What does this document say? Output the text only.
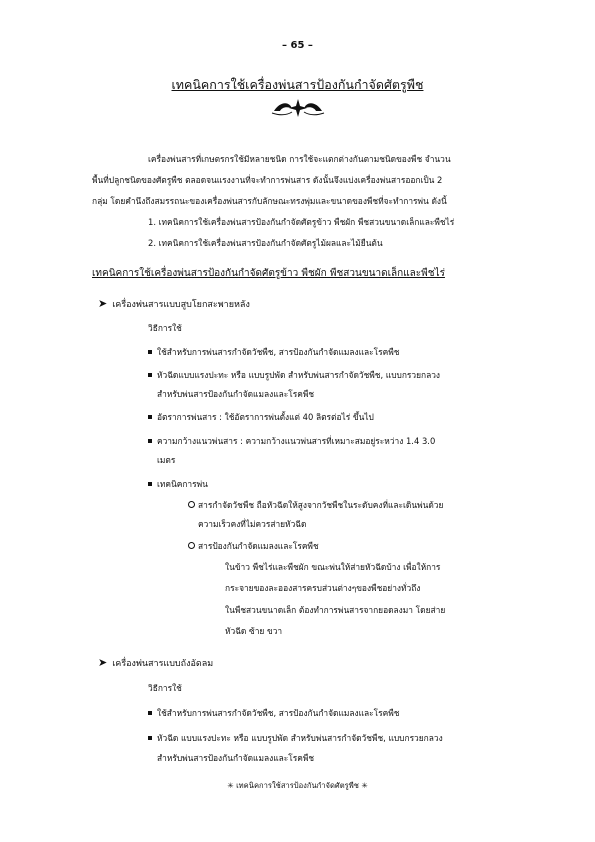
– 65 –
เทคนิคการใช้เครื่องพ่นสารป้องกันกำจัดศัตรูพืช
เครื่องพ่นสารที่เกษตรกรใช้มีหลายชนิด การใช้จะแตกต่างกันตามชนิดของพืช จำนวน
พื้นที่ปลูกชนิดของศัตรูพืช ตลอดจนแรงงานที่จะทำการพ่นสาร ดังนั้นจึงแบ่งเครื่องพ่นสารออกเป็น 2
กลุ่ม โดยคำนึงถึงสมรรถนะของเครื่องพ่นสารกับลักษณะทรงพุ่มและขนาดของพืชที่จะทำการพ่น ดังนี้
1. เทคนิคการใช้เครื่องพ่นสารป้องกันกำจัดศัตรูข้าว พืชผัก พืชสวนขนาดเล็กและพืชไร่
2. เทคนิคการใช้เครื่องพ่นสารป้องกันกำจัดศัตรูไม้ผลและไม้ยืนต้น
เทคนิคการใช้เครื่องพ่นสารป้องกันกำจัดศัตรูข้าว พืชผัก พืชสวนขนาดเล็กและพืชไร่
➤ เครื่องพ่นสารแบบสูบโยกสะพายหลัง
วิธีการใช้
ใช้สำหรับการพ่นสารกำจัดวัชพืช, สารป้องกันกำจัดแมลงและโรคพืช
หัวฉีดแบบแรงปะทะ หรือ แบบรูปพัด สำหรับพ่นสารกำจัดวัชพืช, แบบกรวยกลวง
สำหรับพ่นสารป้องกันกำจัดแมลงและโรคพืช
อัตราการพ่นสาร : ใช้อัตราการพ่นตั้งแต่ 40 ลิตรต่อไร่ ขึ้นไป
ความกว้างแนวพ่นสาร : ความกว้างแนวพ่นสารที่เหมาะสมอยู่ระหว่าง 1.4 3.0
เมตร
เทคนิคการพ่น
สารกำจัดวัชพืช ถือหัวฉีดให้สูงจากวัชพืชในระดับคงที่และเดินพ่นด้วย
ความเร็วคงที่ไม่ควรส่ายหัวฉีด
สารป้องกันกำจัดแมลงและโรคพืช
ในข้าว พืชไร่และพืชผัก ขณะพ่นให้ส่ายหัวฉีดบ้าง เพื่อให้การ
กระจายของละอองสารครบส่วนต่างๆของพืชอย่างทั่วถึง
ในพืชสวนขนาดเล็ก ต้องทำการพ่นสารจากยอดลงมา โดยส่าย
หัวฉีด ซ้าย ขวา
➤ เครื่องพ่นสารแบบถังอัดลม
วิธีการใช้
ใช้สำหรับการพ่นสารกำจัดวัชพืช, สารป้องกันกำจัดแมลงและโรคพืช
หัวฉีด แบบแรงปะทะ หรือ แบบรูปพัด สำหรับพ่นสารกำจัดวัชพืช, แบบกรวยกลวง
สำหรับพ่นสารป้องกันกำจัดแมลงและโรคพืช
✳ เทคนิคการใช้สารป้องกันกำจัดศัตรูพืช ✳
